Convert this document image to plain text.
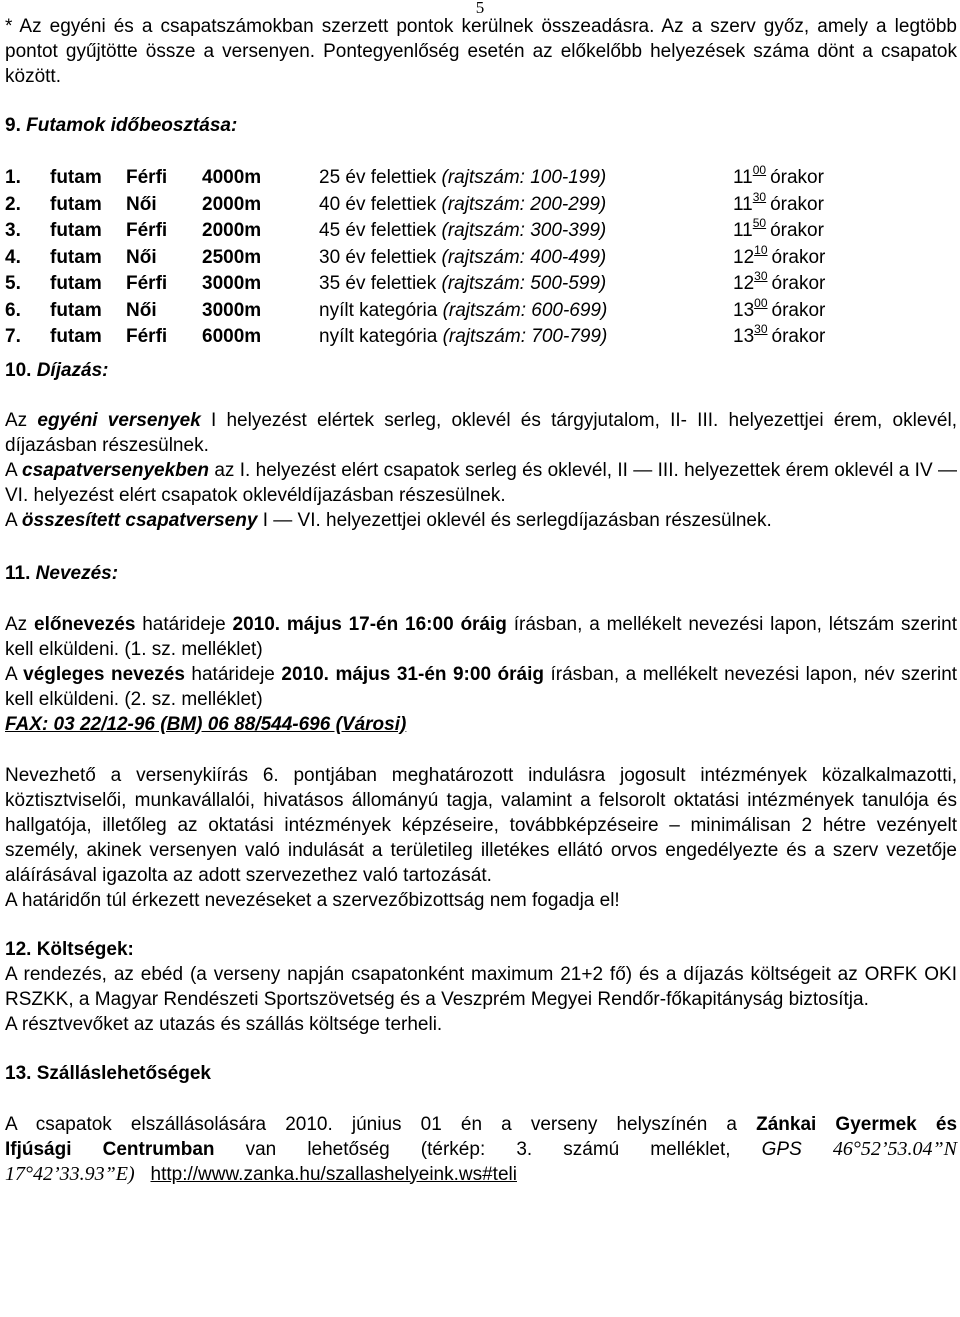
5

* Az egyéni és a csapatszámokban szerzett pontok kerülnek összeadásra. Az a szerv győz, amely a legtöbb pontot gyűjtötte össze a versenyen. Pontegyenlőség esetén az előkelőbb helyezések száma dönt a csapatok között.

9. Futamok időbeosztása:

1.	futam	Férfi	4000m	25 év felettiek (rajtszám: 100-199)	$11^{00}$ órakor
2.	futam	Női	2000m	40 év felettiek (rajtszám: 200-299)	$11^{30}$ órakor
3.	futam	Férfi	2000m	45 év felettiek (rajtszám: 300-399)	$11^{50}$ órakor
4.	futam	Női	2500m	30 év felettiek (rajtszám: 400-499)	$12^{10}$ órakor
5.	futam	Férfi	3000m	35 év felettiek (rajtszám: 500-599)	$12^{30}$ órakor
6.	futam	Női	3000m	nyílt kategória (rajtszám: 600-699)	$13^{00}$ órakor
7.	futam	Férfi	6000m	nyílt kategória (rajtszám: 700-799)	$13^{30}$ órakor

10. Díjazás:

Az egyéni versenyek I helyezést elértek serleg, oklevél és tárgyjutalom, II- III. helyezettjei érem, oklevél, díjazásban részesülnek.

A csapatversenyekben az I. helyezést elért csapatok serleg és oklevél, II — III. helyezettek érem oklevél a IV — VI. helyezést elért csapatok oklevéldíjazásban részesülnek.

A összesített csapatverseny I — VI. helyezettjei oklevél és serlegdíjazásban részesülnek.

11. Nevezés:

Az előnevezés határideje 2010. május 17-én 16:00 óráig írásban, a mellékelt nevezési lapon, létszám szerint kell elküldeni. (1. sz. melléklet)

A végleges nevezés határideje 2010. május 31-én 9:00 óráig írásban, a mellékelt nevezési lapon, név szerint kell elküldeni. (2. sz. melléklet)

FAX: 03 22/12-96 (BM) 06 88/544-696 (Városi)

Nevezhető a versenykiírás 6. pontjában meghatározott indulásra jogosult intézmények közalkalmazotti, köztisztviselői, munkavállalói, hivatásos állományú tagja, valamint a felsorolt oktatási intézmények tanulója és hallgatója, illetőleg az oktatási intézmények képzéseire, továbbképzéseire – minimálisan 2 hétre vezényelt személy, akinek versenyen való indulását a területileg illetékes ellátó orvos engedélyezte és a szerv vezetője aláírásával igazolta az adott szervezethez való tartozását.

A határidőn túl érkezett nevezéseket a szervezőbizottság nem fogadja el!

12. Költségek:

A rendezés, az ebéd (a verseny napján csapatonként maximum 21+2 fő) és a díjazás költségeit az ORFK OKI RSZKK, a Magyar Rendészeti Sportszövetség és a Veszprém Megyei Rendőr-főkapitányság biztosítja.

A résztvevőket az utazás és szállás költsége terheli.

13. Szálláslehetőségek

A csapatok elszállásolására 2010. június 01 én a verseny helyszínén a Zánkai Gyermek és

Ifjúsági Centrumban van lehetőség (térkép: 3. számú melléklet, GPS 46°52’53.04”N

17°42’33.93”E) http://www.zanka.hu/szallashelyeink.ws#teli
